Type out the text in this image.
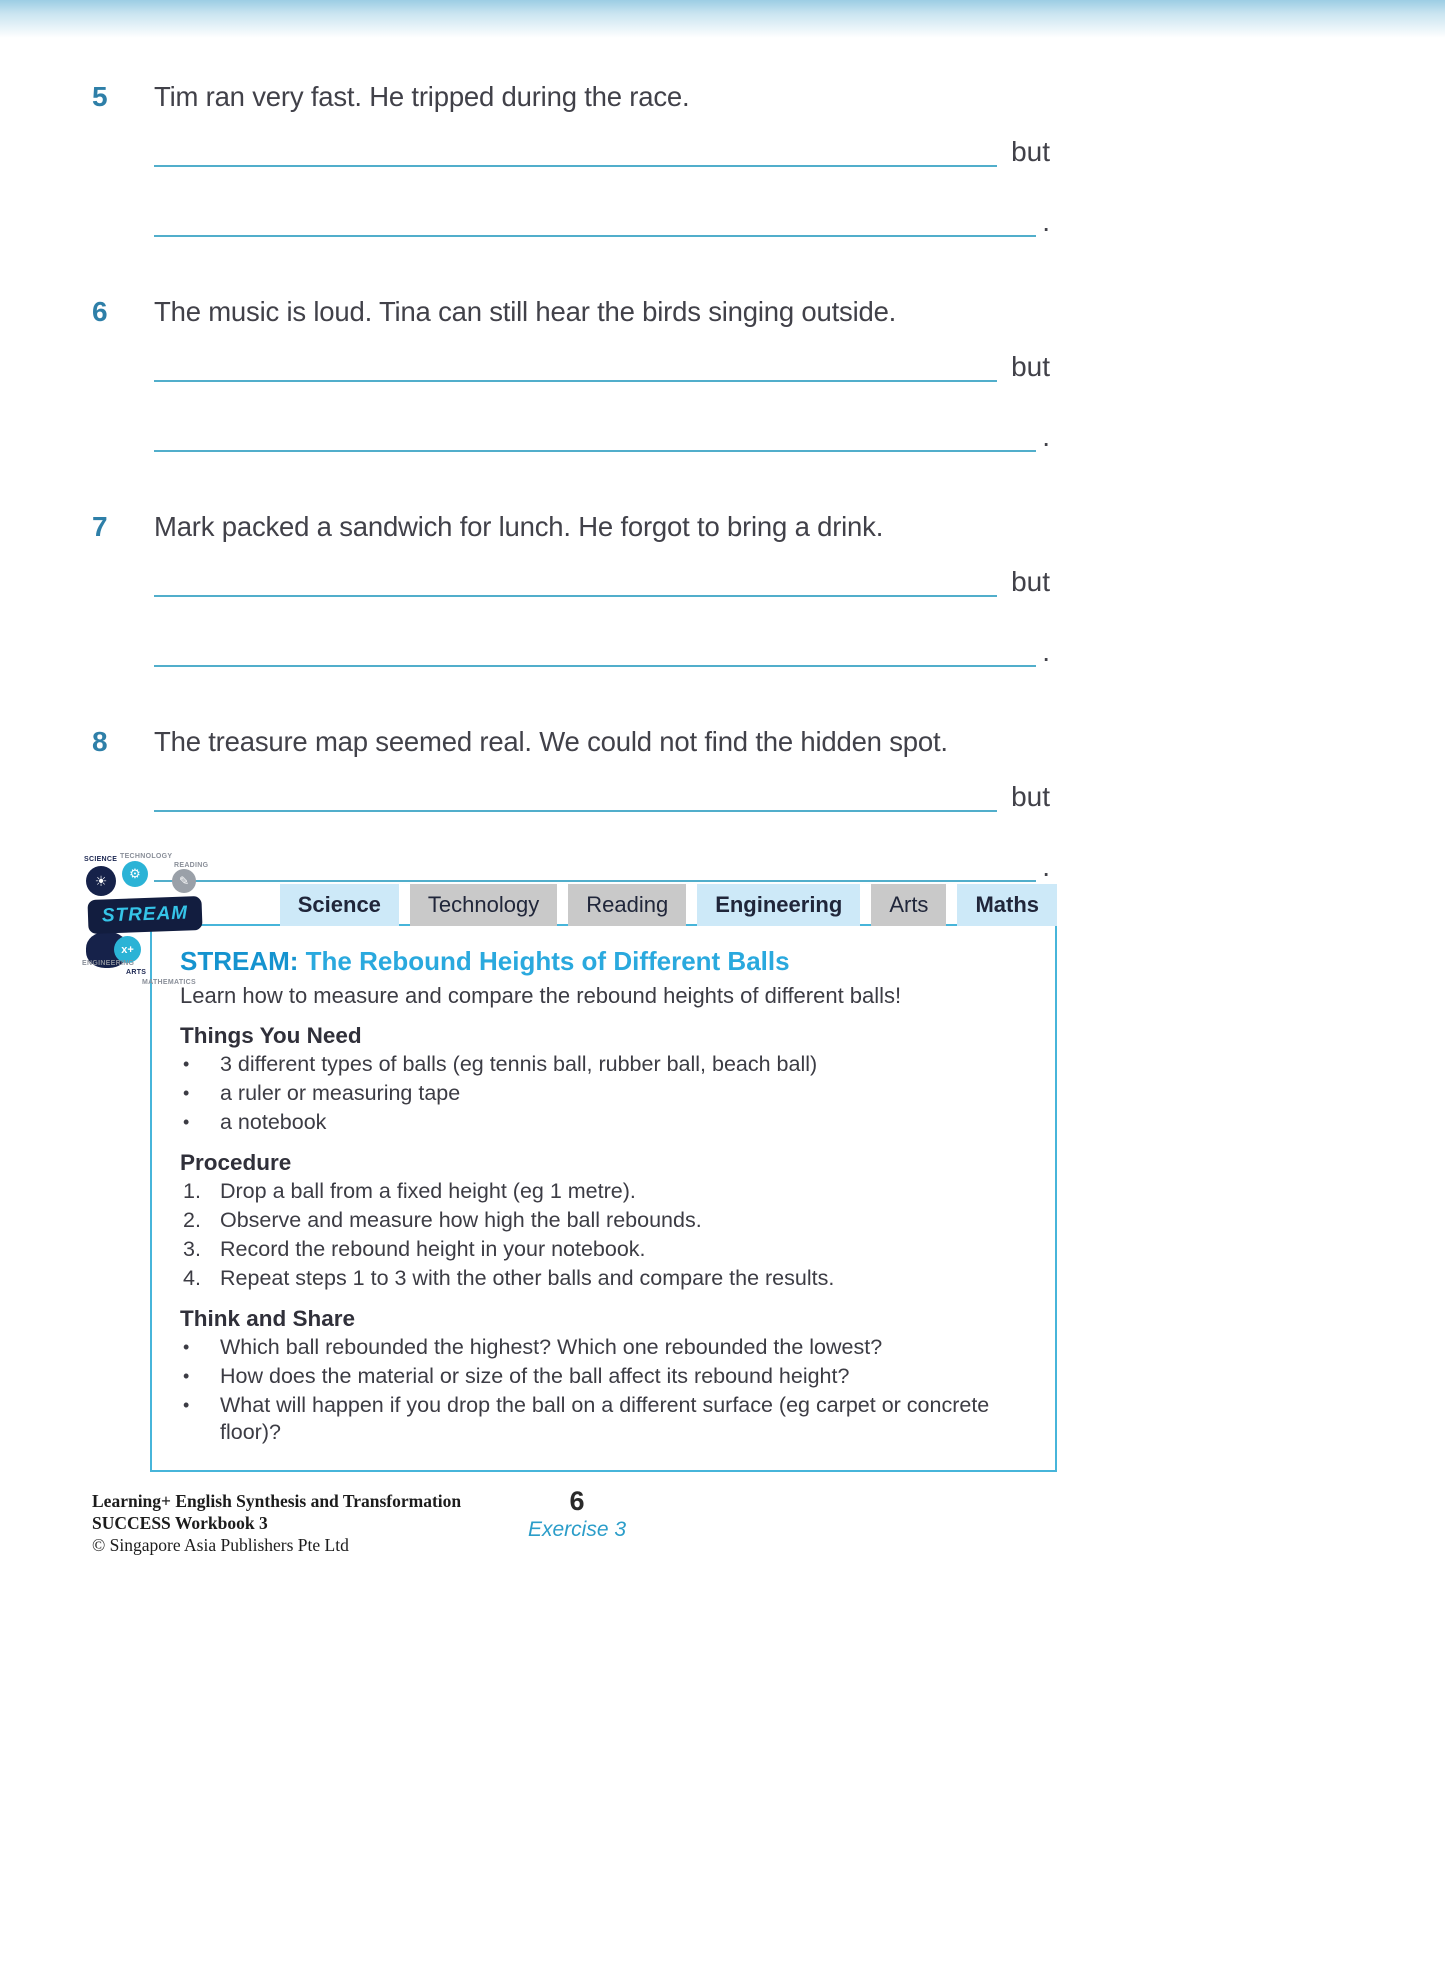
5	Tim ran very fast. He tripped during the race.
but
.
6	The music is loud. Tina can still hear the birds singing outside.
but
.
7	Mark packed a sandwich for lunch. He forgot to bring a drink.
but
.
8	The treasure map seemed real. We could not find the hidden spot.
but
.
Science	Technology	Reading	Engineering	Arts	Maths
SCIENCE TECHNOLOGY
READING
☀	⚙	✎
STREAM
x+
ENGINEERING
ARTS
MATHEMATICS
STREAM: The Rebound Heights of Different Balls
Learn how to measure and compare the rebound heights of different balls!
Things You Need
•	3 different types of balls (eg tennis ball, rubber ball, beach ball)
•	a ruler or measuring tape
•	a notebook
Procedure
1. Drop a ball from a fixed height (eg 1 metre).
2. Observe and measure how high the ball rebounds.
3. Record the rebound height in your notebook.
4. Repeat steps 1 to 3 with the other balls and compare the results.
Think and Share
•	Which ball rebounded the highest? Which one rebounded the lowest?
•	How does the material or size of the ball affect its rebound height?
•	What will happen if you drop the ball on a different surface (eg carpet or concrete floor)?
Learning+ English Synthesis and Transformation
SUCCESS Workbook 3
© Singapore Asia Publishers Pte Ltd
6
Exercise 3
